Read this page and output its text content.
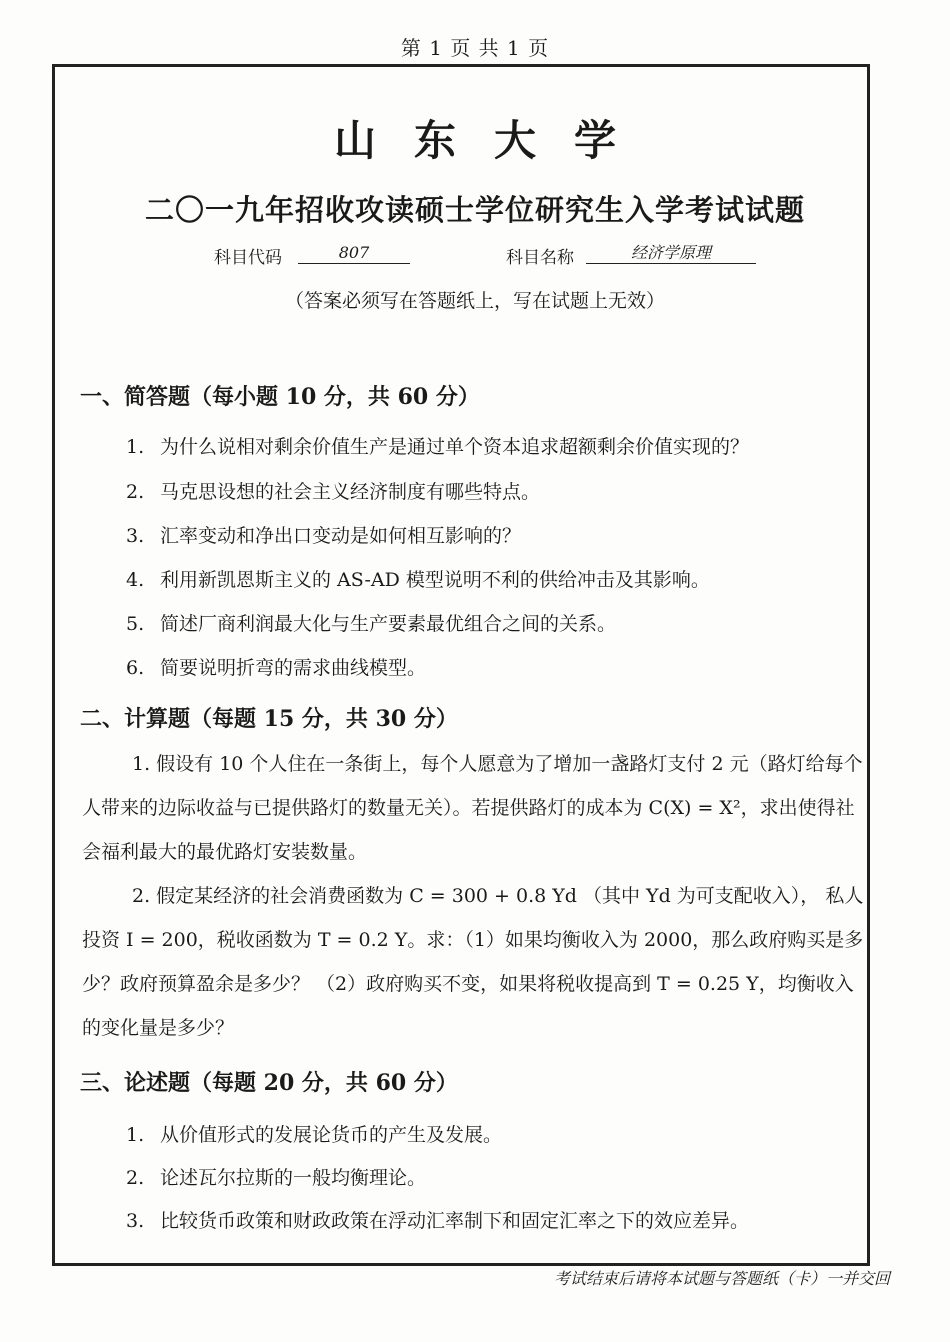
第 1 页 共 1 页
山东大学
二〇一九年招收攻读硕士学位研究生入学考试试题
科目代码	807	科目名称	经济学原理
（答案必须写在答题纸上，写在试题上无效）
一、简答题（每小题 10 分，共 60 分）
1. 为什么说相对剩余价值生产是通过单个资本追求超额剩余价值实现的？
2. 马克思设想的社会主义经济制度有哪些特点。
3. 汇率变动和净出口变动是如何相互影响的？
4. 利用新凯恩斯主义的 AS-AD 模型说明不利的供给冲击及其影响。
5. 简述厂商利润最大化与生产要素最优组合之间的关系。
6. 简要说明折弯的需求曲线模型。
二、计算题（每题 15 分，共 30 分）
1. 假设有 10 个人住在一条街上，每个人愿意为了增加一盏路灯支付 2 元（路灯给每个人带来的边际收益与已提供路灯的数量无关）。若提供路灯的成本为 C(X) = X²，求出使得社会福利最大的最优路灯安装数量。
2. 假定某经济的社会消费函数为 C = 300 + 0.8 Yd （其中 Yd 为可支配收入）， 私人投资 I = 200，税收函数为 T = 0.2 Y。求：（1）如果均衡收入为 2000，那么政府购买是多少？政府预算盈余是多少？ （2）政府购买不变，如果将税收提高到 T = 0.25 Y，均衡收入的变化量是多少？
三、论述题（每题 20 分，共 60 分）
1. 从价值形式的发展论货币的产生及发展。
2. 论述瓦尔拉斯的一般均衡理论。
3. 比较货币政策和财政政策在浮动汇率制下和固定汇率之下的效应差异。
考试结束后请将本试题与答题纸（卡）一并交回
